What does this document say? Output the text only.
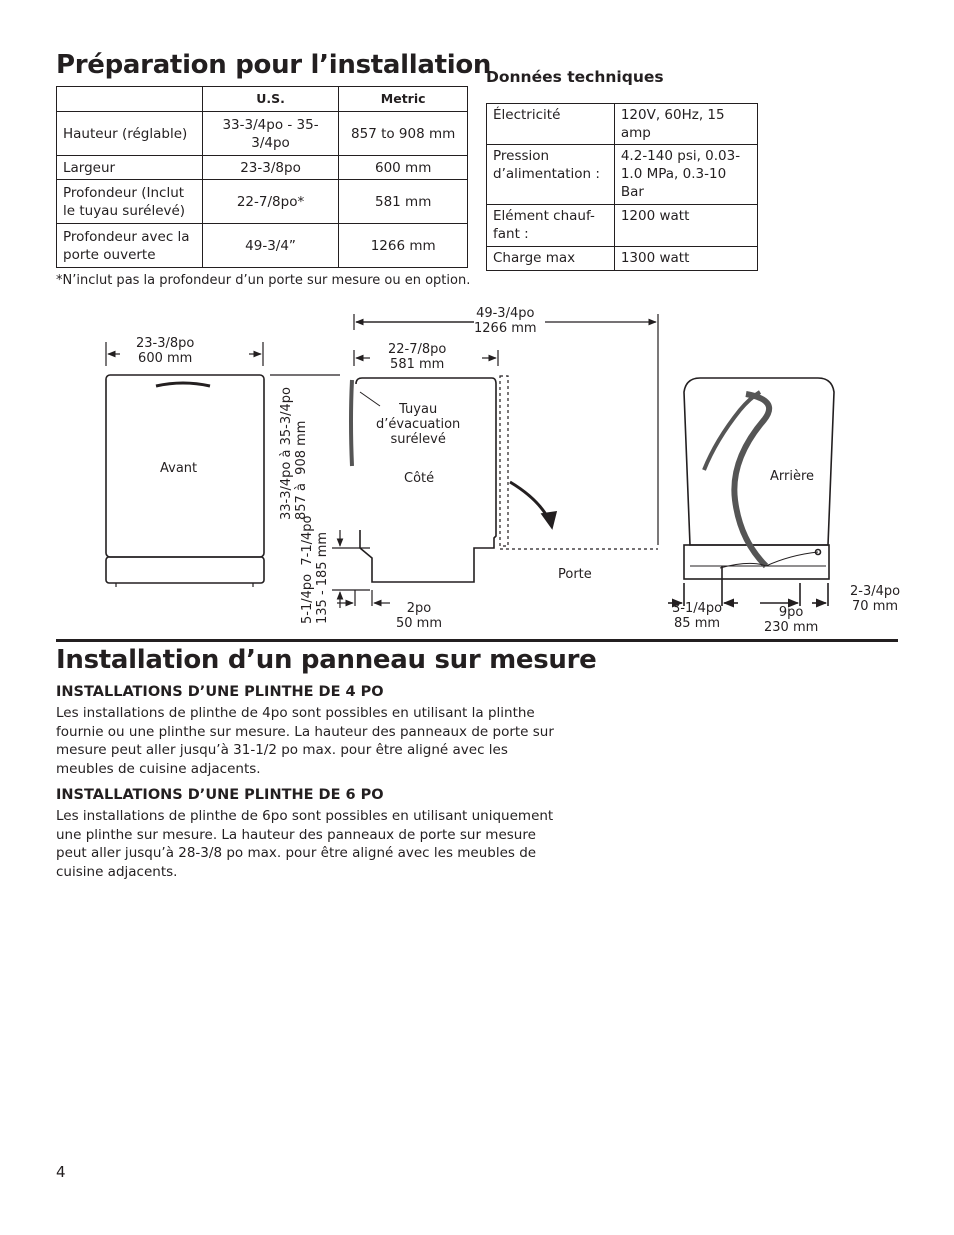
Préparation pour l’installation
	U.S.	Metric
Hauteur (réglable)	33-3/4po - 35-3/4po	857 to 908 mm
Largeur	23-3/8po	600 mm
Profondeur (Inclut le tuyau surélevé)	22-7/8po*	581 mm
Profondeur avec la porte ouverte	49-3/4”	1266 mm
*N’inclut pas la profondeur d’un porte sur mesure ou en option.
Données techniques
Électricité	120V, 60Hz, 15 amp
Pression d’alimentation :	4.2-140 psi, 0.03-1.0 MPa, 0.3-10 Bar
Elément chauf-fant :	1200 watt
Charge max	1300 watt
23-3/8po
600 mm
Avant	33-3/4po à 35-3/4po
857 à  908 mm
5-1/4po  7-1/4po
135 - 185 mm
49-3/4po
1266 mm
22-7/8po
581 mm
Tuyau
d’évacuation
surélevé
Côté
Porte
2po
50 mm
Arrière
3-1/4po
85 mm
9po
230 mm
2-3/4po
70 mm
Installation d’un panneau sur mesure
INSTALLATIONS D’UNE PLINTHE DE 4 PO
Les installations de plinthe de 4po sont possibles en utilisant la plinthe fournie ou une plinthe sur mesure. La hauteur des panneaux de porte sur mesure peut aller jusqu’à 31-1/2 po max. pour être aligné avec les meubles de cuisine adjacents.
INSTALLATIONS D’UNE PLINTHE DE 6 PO
Les installations de plinthe de 6po sont possibles en utilisant uniquement une plinthe sur mesure. La hauteur des panneaux de porte sur mesure peut aller jusqu’à 28-3/8 po max. pour être aligné avec les meubles de cuisine adjacents.
4
